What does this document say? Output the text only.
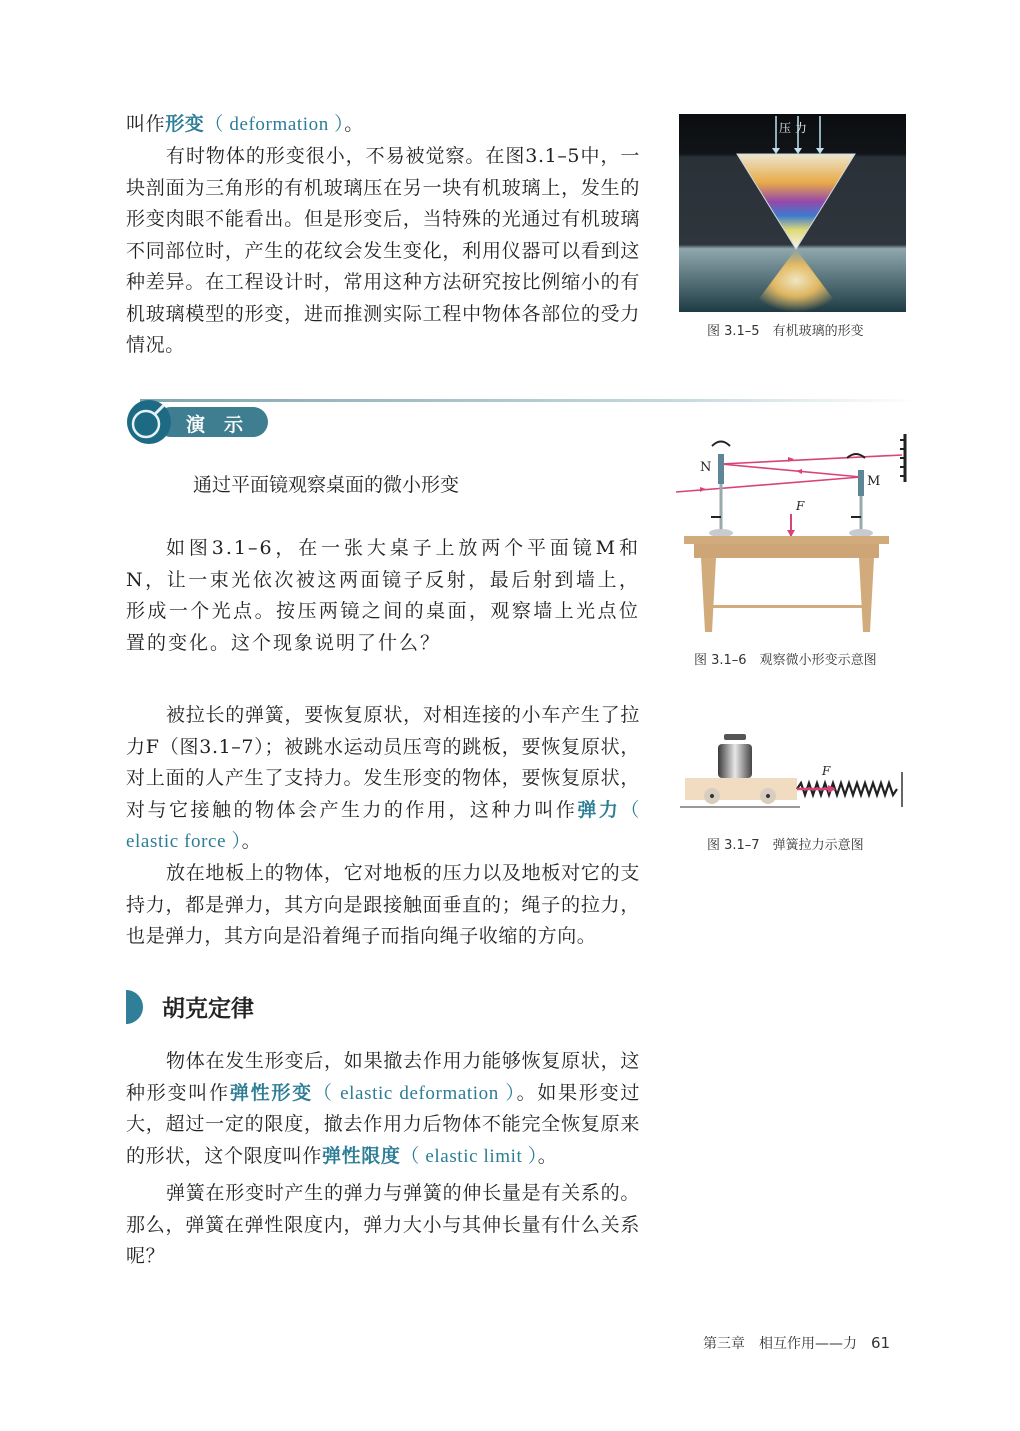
叫作形变（ deformation ）。
有时物体的形变很小，不易被觉察。在图3.1–5中，一块剖面为三角形的有机玻璃压在另一块有机玻璃上，发生的形变肉眼不能看出。但是形变后，当特殊的光通过有机玻璃不同部位时，产生的花纹会发生变化，利用仪器可以看到这种差异。在工程设计时，常用这种方法研究按比例缩小的有机玻璃模型的形变，进而推测实际工程中物体各部位的受力情况。
压 力
图 3.1–5　有机玻璃的形变
演　示
通过平面镜观察桌面的微小形变
如图3.1–6，在一张大桌子上放两个平面镜M和N，让一束光依次被这两面镜子反射，最后射到墙上，形成一个光点。按压两镜之间的桌面，观察墙上光点位置的变化。这个现象说明了什么？
N
M
F
图 3.1–6　观察微小形变示意图
被拉长的弹簧，要恢复原状，对相连接的小车产生了拉力F（图3.1–7）；被跳水运动员压弯的跳板，要恢复原状，对上面的人产生了支持力。发生形变的物体，要恢复原状，对与它接触的物体会产生力的作用，这种力叫作弹力（ elastic force ）。
放在地板上的物体，它对地板的压力以及地板对它的支持力，都是弹力，其方向是跟接触面垂直的；绳子的拉力，也是弹力，其方向是沿着绳子而指向绳子收缩的方向。
F
图 3.1–7　弹簧拉力示意图
胡克定律
物体在发生形变后，如果撤去作用力能够恢复原状，这种形变叫作弹性形变（ elastic deformation ）。如果形变过大，超过一定的限度，撤去作用力后物体不能完全恢复原来的形状，这个限度叫作弹性限度（ elastic limit ）。
弹簧在形变时产生的弹力与弹簧的伸长量是有关系的。那么，弹簧在弹性限度内，弹力大小与其伸长量有什么关系呢？
第三章　相互作用——力 61
